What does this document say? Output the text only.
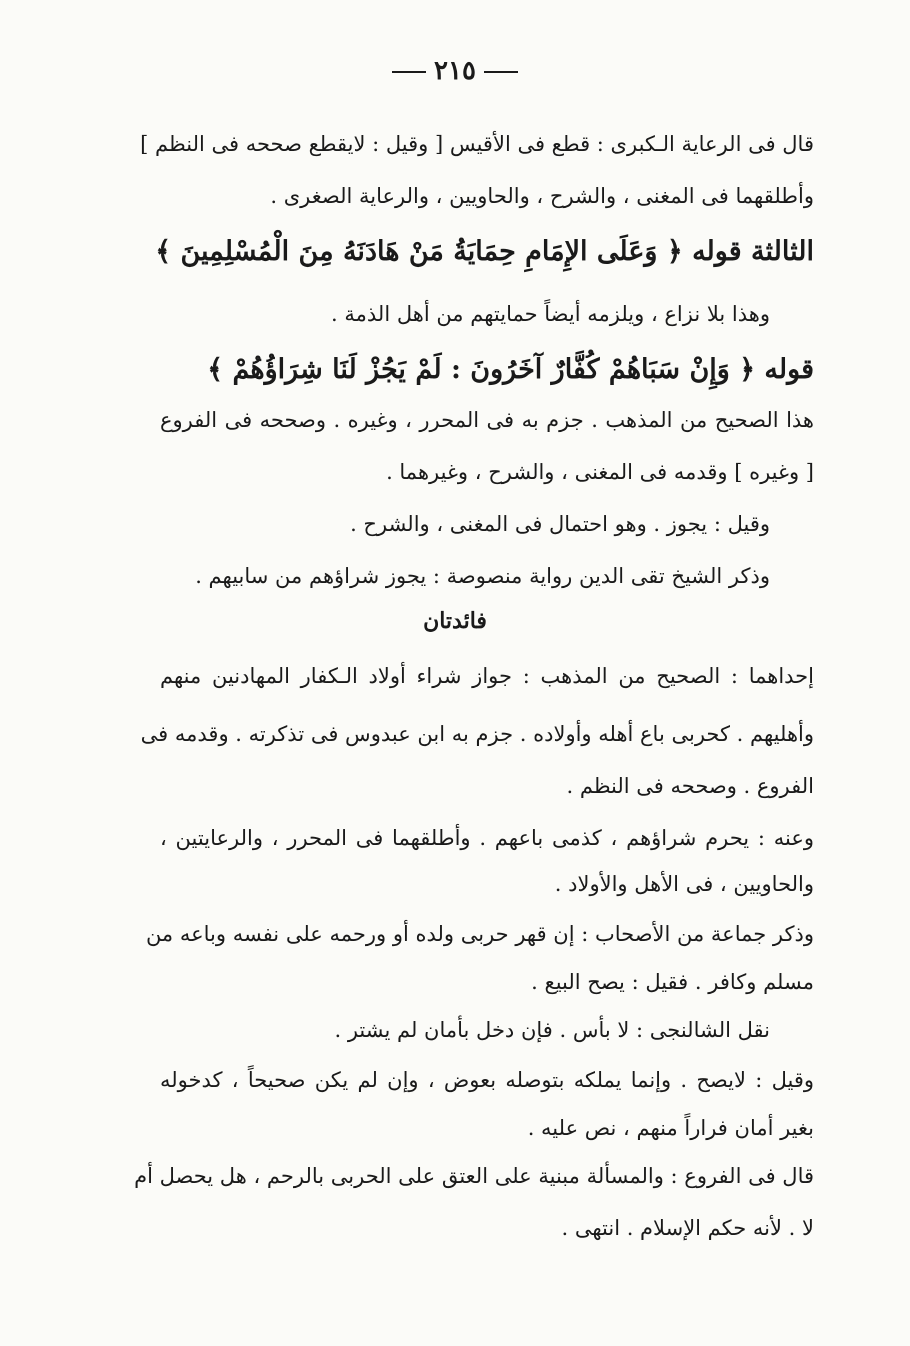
٢١٥
قال فى الرعاية الـكبرى : قطع فى الأقيس [ وقيل : لايقطع صححه فى النظم ]
وأطلقهما فى المغنى ، والشرح ، والحاويين ، والرعاية الصغرى .
الثالثة قوله ﴿ وَعَلَى الإِمَامِ حِمَايَةُ مَنْ هَادَنَهُ مِنَ الْمُسْلِمِينَ ﴾
وهذا بلا نزاع ، ويلزمه أيضاً حمايتهم من أهل الذمة .
قوله ﴿ وَإِنْ سَبَاهُمْ كُفَّارٌ آخَرُونَ : لَمْ يَجُزْ لَنَا شِرَاؤُهُمْ ﴾
هذا الصحيح من المذهب . جزم به فى المحرر ، وغيره . وصححه فى الفروع
[ وغيره ] وقدمه فى المغنى ، والشرح ، وغيرهما .
وقيل : يجوز . وهو احتمال فى المغنى ، والشرح .
وذكر الشيخ تقى الدين رواية منصوصة : يجوز شراؤهم من سابيهم .
فائدتان
إحداهما : الصحيح من المذهب : جواز شراء أولاد الـكفار المهادنين منهم
وأهليهم . كحربى باع أهله وأولاده . جزم به ابن عبدوس فى تذكرته . وقدمه فى
الفروع . وصححه فى النظم .
وعنه : يحرم شراؤهم ، كذمى باعهم . وأطلقهما فى المحرر ، والرعايتين ،
والحاويين ، فى الأهل والأولاد .
وذكر جماعة من الأصحاب : إن قهر حربى ولده أو ورحمه على نفسه وباعه من
مسلم وكافر . فقيل : يصح البيع .
نقل الشالنجى : لا بأس . فإن دخل بأمان لم يشتر .
وقيل : لايصح . وإنما يملكه بتوصله بعوض ، وإن لم يكن صحيحاً ، كدخوله
بغير أمان فراراً منهم ، نص عليه .
قال فى الفروع : والمسألة مبنية على العتق على الحربى بالرحم ، هل يحصل أم
لا . لأنه حكم الإسلام . انتهى .
